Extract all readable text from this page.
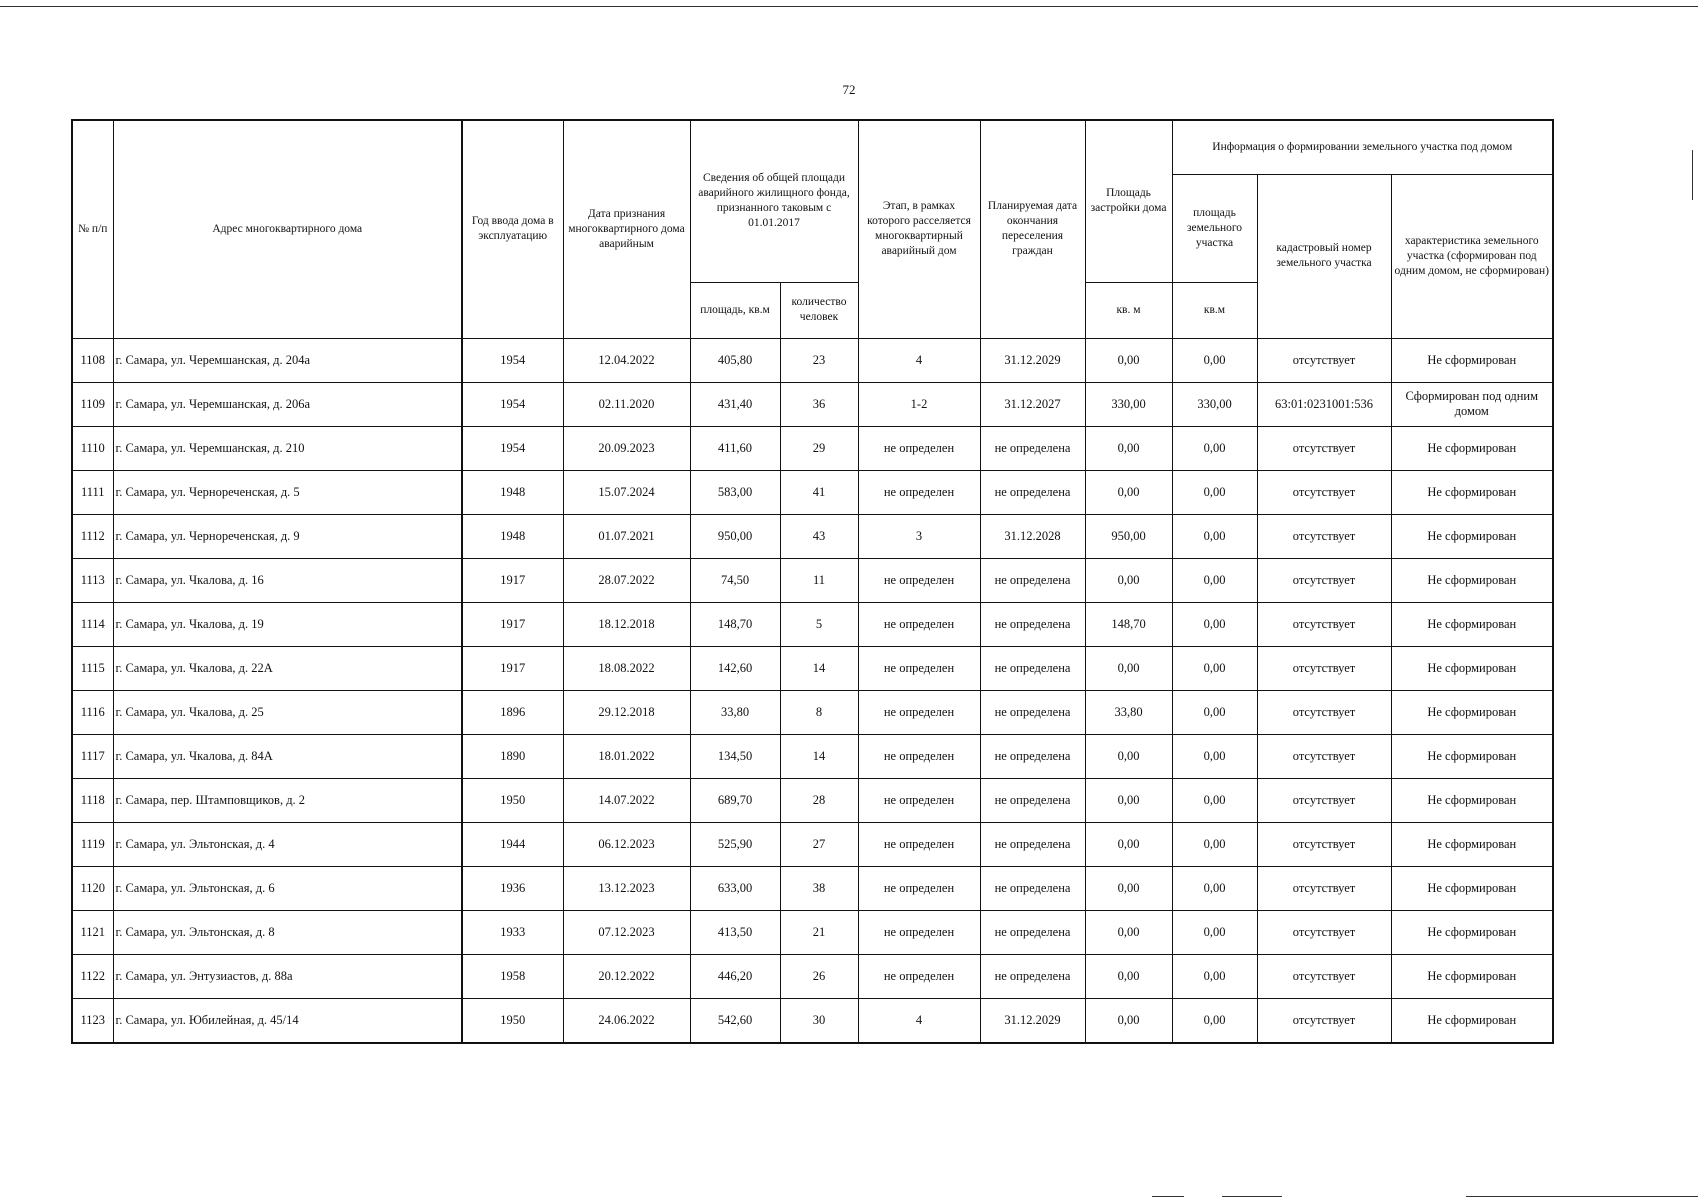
72
№ п/п	Адрес многоквартирного дома	Год ввода дома в эксплуатацию	Дата признания многоквартирного дома аварийным	Сведения об общей площади аварийного жилищного фонда, признанного таковым с 01.01.2017		Этап, в рамках которого расселяется многоквартирный аварийный дом	Планируемая дата окончания переселения граждан	Площадь застройки дома	Информация о формировании земельного участка под домом		
									площадь земельного участка	кадастровый номер земельного участка	характеристика земельного участка (сформирован под одним домом, не сформирован)
				площадь, кв.м	количество человек			кв. м	кв.м		
1108	г. Самара, ул. Черемшанская, д. 204а	1954	12.04.2022	405,80	23	4	31.12.2029	0,00	0,00	отсутствует	Не сформирован
1109	г. Самара, ул. Черемшанская, д. 206а	1954	02.11.2020	431,40	36	1-2	31.12.2027	330,00	330,00	63:01:0231001:536	Сформирован под одним домом
1110	г. Самара, ул. Черемшанская, д. 210	1954	20.09.2023	411,60	29	не определен	не определена	0,00	0,00	отсутствует	Не сформирован
1111	г. Самара, ул. Чернореченская, д. 5	1948	15.07.2024	583,00	41	не определен	не определена	0,00	0,00	отсутствует	Не сформирован
1112	г. Самара, ул. Чернореченская, д. 9	1948	01.07.2021	950,00	43	3	31.12.2028	950,00	0,00	отсутствует	Не сформирован
1113	г. Самара, ул. Чкалова, д. 16	1917	28.07.2022	74,50	11	не определен	не определена	0,00	0,00	отсутствует	Не сформирован
1114	г. Самара, ул. Чкалова, д. 19	1917	18.12.2018	148,70	5	не определен	не определена	148,70	0,00	отсутствует	Не сформирован
1115	г. Самара, ул. Чкалова, д. 22А	1917	18.08.2022	142,60	14	не определен	не определена	0,00	0,00	отсутствует	Не сформирован
1116	г. Самара, ул. Чкалова, д. 25	1896	29.12.2018	33,80	8	не определен	не определена	33,80	0,00	отсутствует	Не сформирован
1117	г. Самара, ул. Чкалова, д. 84А	1890	18.01.2022	134,50	14	не определен	не определена	0,00	0,00	отсутствует	Не сформирован
1118	г. Самара, пер. Штамповщиков, д. 2	1950	14.07.2022	689,70	28	не определен	не определена	0,00	0,00	отсутствует	Не сформирован
1119	г. Самара, ул. Эльтонская, д. 4	1944	06.12.2023	525,90	27	не определен	не определена	0,00	0,00	отсутствует	Не сформирован
1120	г. Самара, ул. Эльтонская, д. 6	1936	13.12.2023	633,00	38	не определен	не определена	0,00	0,00	отсутствует	Не сформирован
1121	г. Самара, ул. Эльтонская, д. 8	1933	07.12.2023	413,50	21	не определен	не определена	0,00	0,00	отсутствует	Не сформирован
1122	г. Самара, ул. Энтузиастов, д. 88а	1958	20.12.2022	446,20	26	не определен	не определена	0,00	0,00	отсутствует	Не сформирован
1123	г. Самара, ул. Юбилейная, д. 45/14	1950	24.06.2022	542,60	30	4	31.12.2029	0,00	0,00	отсутствует	Не сформирован
